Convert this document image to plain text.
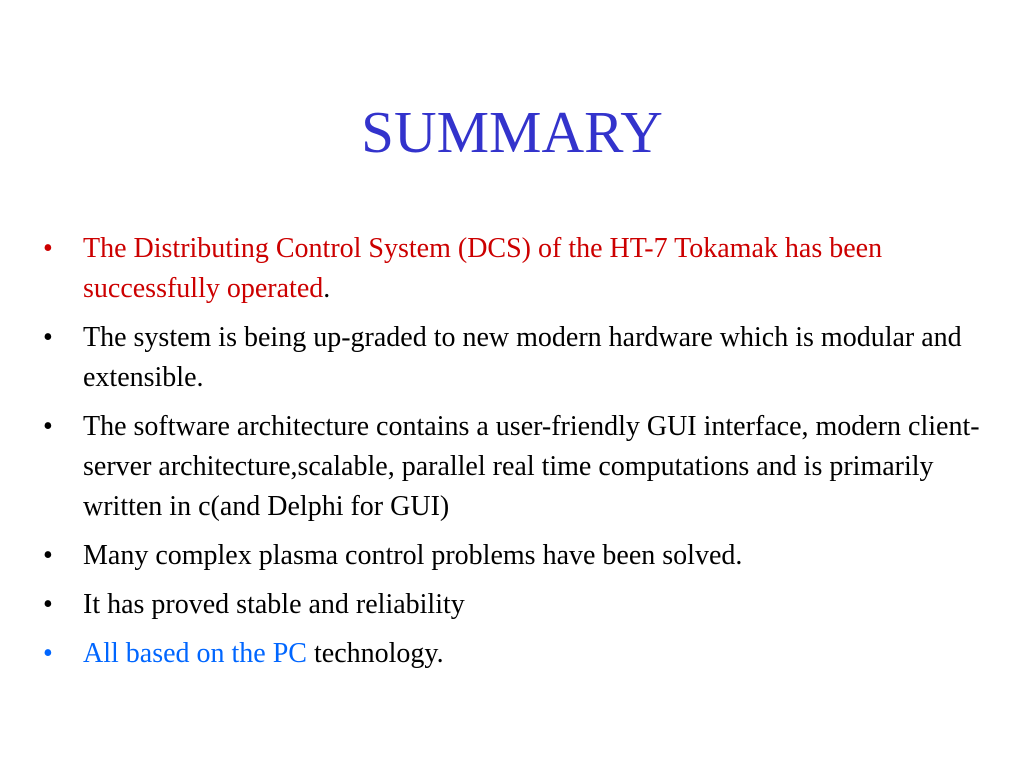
SUMMARY
•	The Distributing Control System (DCS) of the HT-7 Tokamak has been successfully operated.
•	The system is being up-graded to new modern hardware which is modular and extensible.
•	The software architecture contains a user-friendly GUI interface, modern client-server architecture,scalable, parallel real time computations and is primarily written in c(and Delphi for GUI)
•	Many complex plasma control problems have been solved.
•	It has proved stable and reliability
•	All based on the PC technology.
